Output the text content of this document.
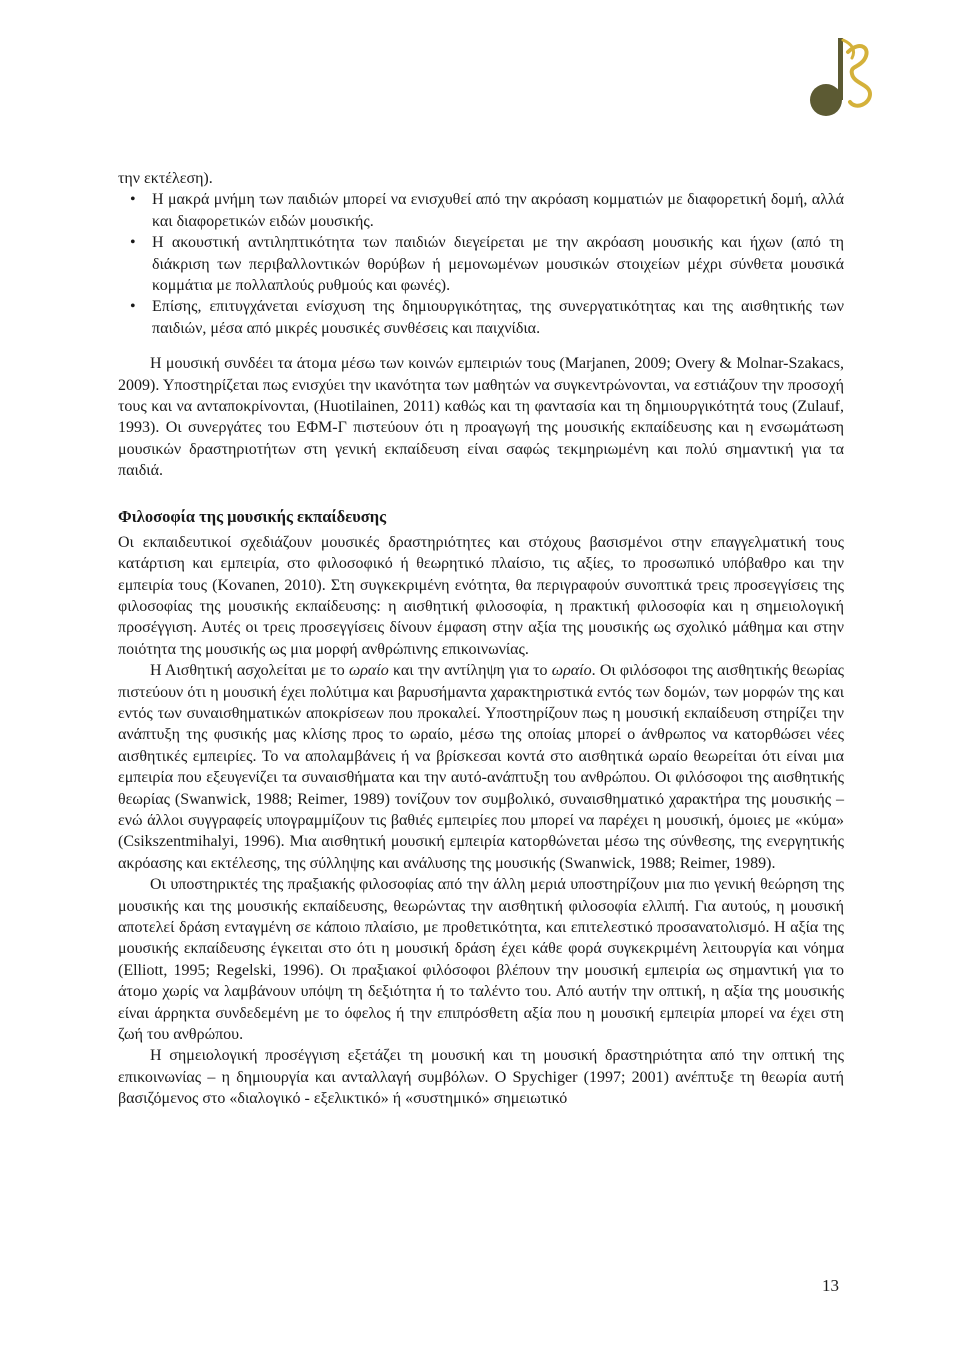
την εκτέλεση).

• Η μακρά μνήμη των παιδιών μπορεί να ενισχυθεί από την ακρόαση κομματιών με διαφορετική δομή, αλλά και διαφορετικών ειδών μουσικής.
• Η ακουστική αντιληπτικότητα των παιδιών διεγείρεται με την ακρόαση μουσικής και ήχων (από τη διάκριση των περιβαλλοντικών θορύβων ή μεμονωμένων μουσικών στοιχείων μέχρι σύνθετα μουσικά κομμάτια με πολλαπλούς ρυθμούς και φωνές).
• Επίσης, επιτυγχάνεται ενίσχυση της δημιουργικότητας, της συνεργατικότητας και της αισθητικής των παιδιών, μέσα από μικρές μουσικές συνθέσεις και παιχνίδια.

Η μουσική συνδέει τα άτομα μέσω των κοινών εμπειριών τους (Marjanen, 2009; Overy & Molnar-Szakacs, 2009). Υποστηρίζεται πως ενισχύει την ικανότητα των μαθητών να συγκεντρώνονται, να εστιάζουν την προσοχή τους και να ανταποκρίνονται, (Huotilainen, 2011) καθώς και τη φαντασία και τη δημιουργικότητά τους (Zulauf, 1993). Οι συνεργάτες του ΕΦΜ-Γ πιστεύουν ότι η προαγωγή της μουσικής εκπαίδευσης και η ενσωμάτωση μουσικών δραστηριοτήτων στη γενική εκπαίδευση είναι σαφώς τεκμηριωμένη και πολύ σημαντική για τα παιδιά.

Φιλοσοφία της μουσικής εκπαίδευσης

Οι εκπαιδευτικοί σχεδιάζουν μουσικές δραστηριότητες και στόχους βασισμένοι στην επαγγελματική τους κατάρτιση και εμπειρία, στο φιλοσοφικό ή θεωρητικό πλαίσιο, τις αξίες, το προσωπικό υπόβαθρο και την εμπειρία τους (Kovanen, 2010). Στη συγκεκριμένη ενότητα, θα περιγραφούν συνοπτικά τρεις προσεγγίσεις της φιλοσοφίας της μουσικής εκπαίδευσης: η αισθητική φιλοσοφία, η πρακτική φιλοσοφία και η σημειολογική προσέγγιση. Αυτές οι τρεις προσεγγίσεις δίνουν έμφαση στην αξία της μουσικής ως σχολικό μάθημα και στην ποιότητα της μουσικής ως μια μορφή ανθρώπινης επικοινωνίας.

Η Αισθητική ασχολείται με το ωραίο και την αντίληψη για το ωραίο. Οι φιλόσοφοι της αισθητικής θεωρίας πιστεύουν ότι η μουσική έχει πολύτιμα και βαρυσήμαντα χαρακτηριστικά εντός των δομών, των μορφών της και εντός των συναισθηματικών αποκρίσεων που προκαλεί. Υποστηρίζουν πως η μουσική εκπαίδευση στηρίζει την ανάπτυξη της φυσικής μας κλίσης προς το ωραίο, μέσω της οποίας μπορεί ο άνθρωπος να κατορθώσει νέες αισθητικές εμπειρίες. Το να απολαμβάνεις ή να βρίσκεσαι κοντά στο αισθητικά ωραίο θεωρείται ότι είναι μια εμπειρία που εξευγενίζει τα συναισθήματα και την αυτό-ανάπτυξη του ανθρώπου. Οι φιλόσοφοι της αισθητικής θεωρίας (Swanwick, 1988; Reimer, 1989) τονίζουν τον συμβολικό, συναισθηματικό χαρακτήρα της μουσικής – ενώ άλλοι συγγραφείς υπογραμμίζουν τις βαθιές εμπειρίες που μπορεί να παρέχει η μουσική, όμοιες με «κύμα» (Csikszentmihalyi, 1996). Μια αισθητική μουσική εμπειρία κατορθώνεται μέσω της σύνθεσης, της ενεργητικής ακρόασης και εκτέλεσης, της σύλληψης και ανάλυσης της μουσικής (Swanwick, 1988; Reimer, 1989).

Οι υποστηρικτές της πραξιακής φιλοσοφίας από την άλλη μεριά υποστηρίζουν μια πιο γενική θεώρηση της μουσικής και της μουσικής εκπαίδευσης, θεωρώντας την αισθητική φιλοσοφία ελλιπή. Για αυτούς, η μουσική αποτελεί δράση ενταγμένη σε κάποιο πλαίσιο, με προθετικότητα, και επιτελεστικό προσανατολισμό. Η αξία της μουσικής εκπαίδευσης έγκειται στο ότι η μουσική δράση έχει κάθε φορά συγκεκριμένη λειτουργία και νόημα (Elliott, 1995; Regelski, 1996). Οι πραξιακοί φιλόσοφοι βλέπουν την μουσική εμπειρία ως σημαντική για το άτομο χωρίς να λαμβάνουν υπόψη τη δεξιότητα ή το ταλέντο του. Από αυτήν την οπτική, η αξία της μουσικής είναι άρρηκτα συνδεδεμένη με το όφελος ή την επιπρόσθετη αξία που η μουσική εμπειρία μπορεί να έχει στη ζωή του ανθρώπου.

Η σημειολογική προσέγγιση εξετάζει τη μουσική και τη μουσική δραστηριότητα από την οπτική της επικοινωνίας – η δημιουργία και ανταλλαγή συμβόλων. Ο Spychiger (1997; 2001) ανέπτυξε τη θεωρία αυτή βασιζόμενος στο «διαλογικό - εξελικτικό» ή «συστημικό» σημειωτικό

13
